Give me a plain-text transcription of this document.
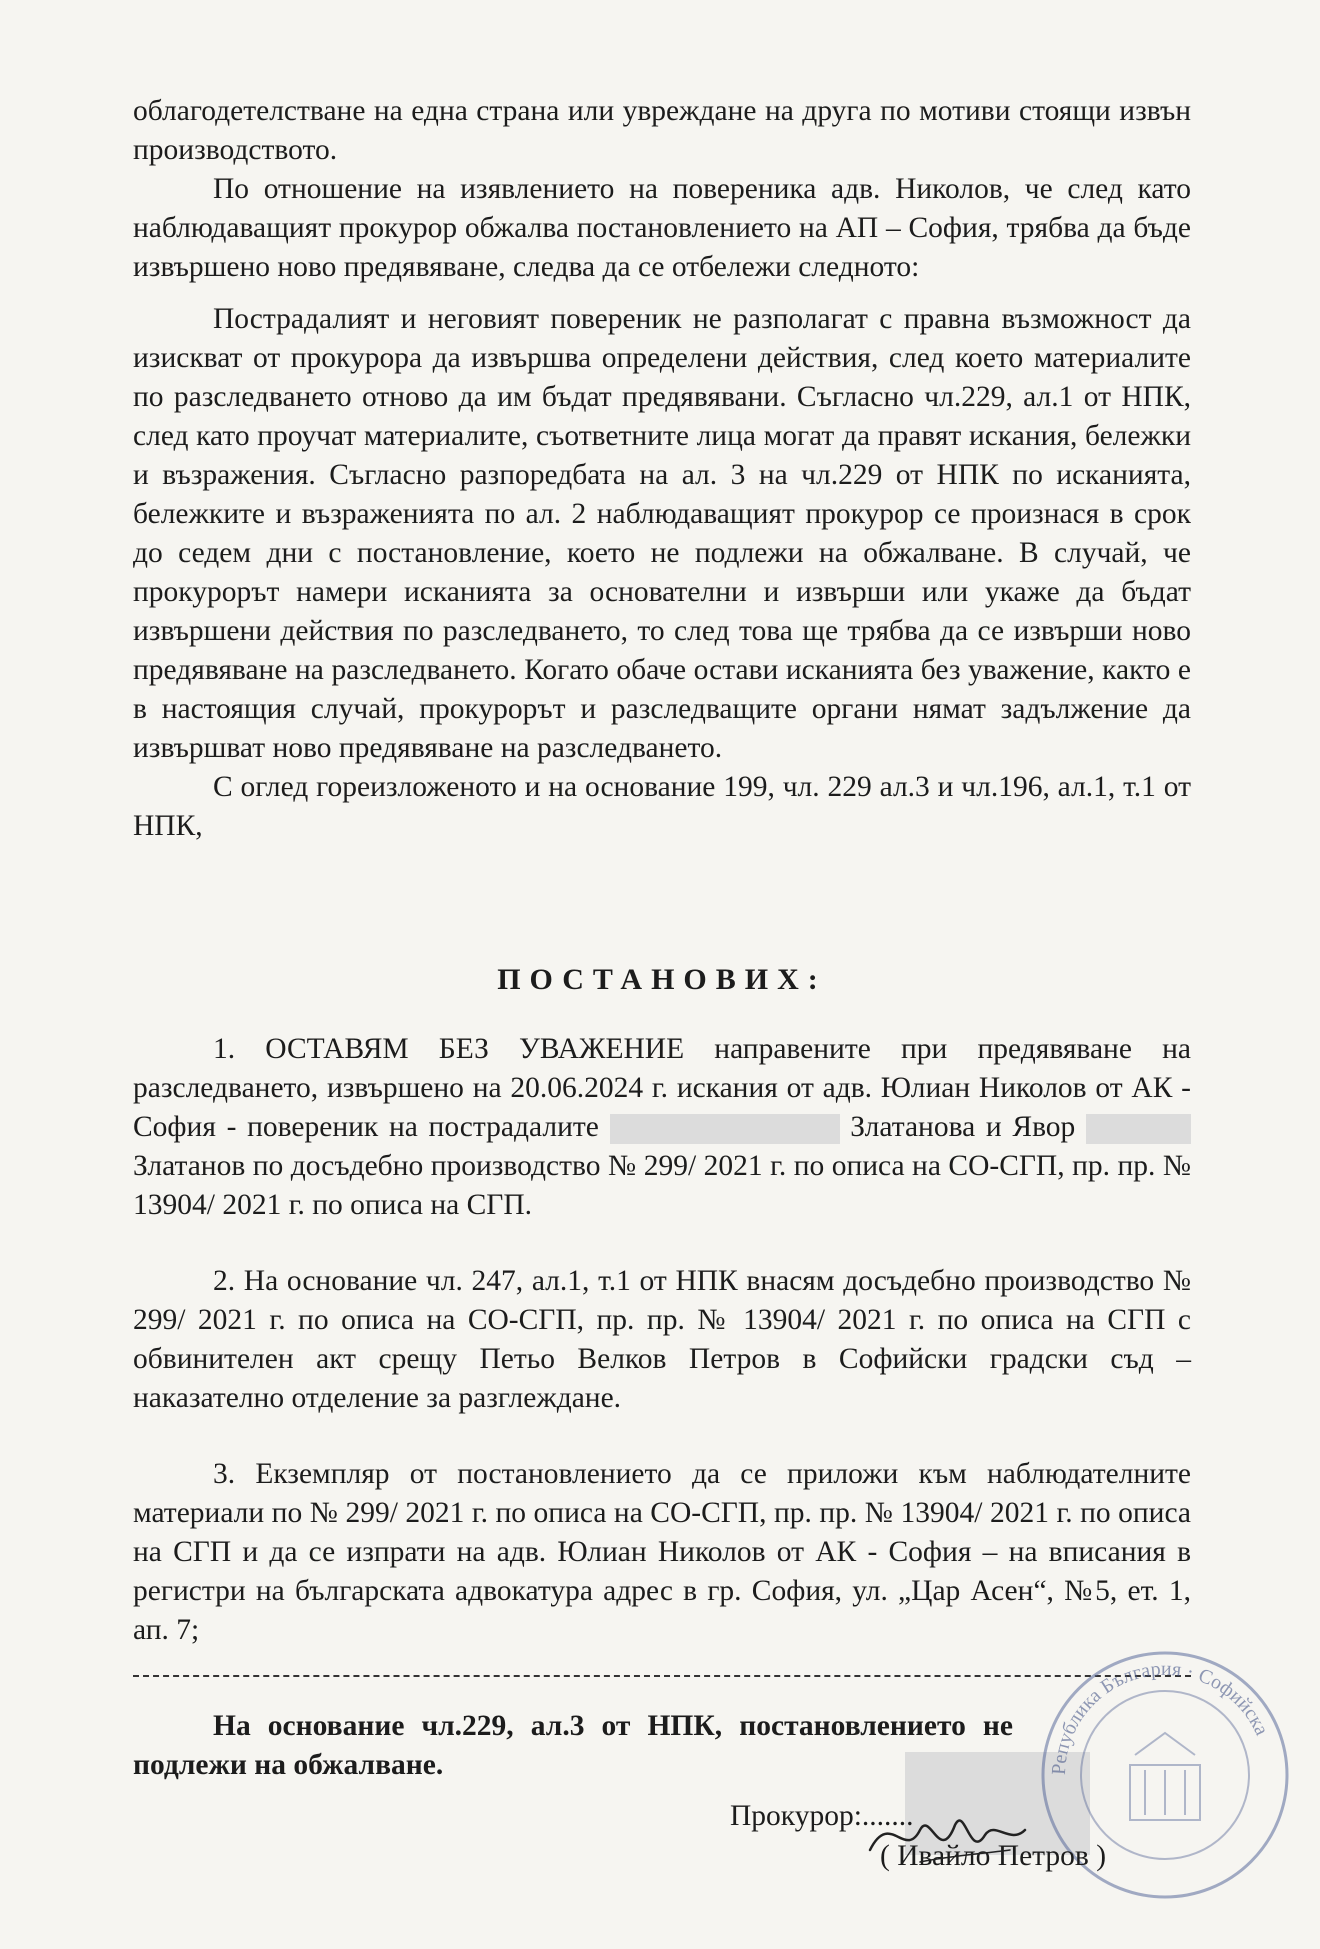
облагодетелстване на една страна или увреждане на друга по мотиви стоящи извън производството.

По отношение на изявлението на повереника адв. Николов, че след като наблюдаващият прокурор обжалва постановлението на АП – София, трябва да бъде извършено ново предявяване, следва да се отбележи следното:

Пострадалият и неговият повереник не разполагат с правна възможност да изискват от прокурора да извършва определени действия, след което материалите по разследването отново да им бъдат предявявани. Съгласно чл.229, ал.1 от НПК, след като проучат материалите, съответните лица могат да правят искания, бележки и възражения. Съгласно разпоредбата на ал. 3 на чл.229 от НПК по исканията, бележките и възраженията по ал. 2 наблюдаващият прокурор се произнася в срок до седем дни с постановление, което не подлежи на обжалване. В случай, че прокурорът намери исканията за основателни и извърши или укаже да бъдат извършени действия по разследването, то след това ще трябва да се извърши ново предявяване на разследването. Когато обаче остави исканията без уважение, както е в настоящия случай, прокурорът и разследващите органи нямат задължение да извършват ново предявяване на разследването.

С оглед гореизложеното и на основание 199, чл. 229 ал.3 и чл.196, ал.1, т.1 от НПК,

ПОСТАНОВИХ:

1. ОСТАВЯМ БЕЗ УВАЖЕНИЕ направените при предявяване на разследването, извършено на 20.06.2024 г. искания от адв. Юлиан Николов от АК - София - повереник на пострадалите	Златанова и Явор  Златанов по досъдебно производство № 299/ 2021 г. по описа на СО-СГП, пр. пр. № 13904/ 2021 г. по описа на СГП.

2. На основание чл. 247, ал.1, т.1 от НПК внасям досъдебно производство № 299/ 2021 г. по описа на СО-СГП, пр. пр. № 13904/ 2021 г. по описа на СГП с обвинителен акт срещу Петьо Велков Петров в Софийски градски съд – наказателно отделение за разглеждане.

3. Екземпляр от постановлението да се приложи към наблюдателните материали по № 299/ 2021 г. по описа на СО-СГП, пр. пр. № 13904/ 2021 г. по описа на СГП и да се изпрати на адв. Юлиан Николов от АК - София – на вписания в регистри на българската адвокатура адрес в гр. София, ул. „Цар Асен“, №5, ет. 1, ап. 7;

На основание чл.229, ал.3 от НПК, постановлението не подлежи на обжалване.	Република България · Софийска
Прокурор:.......
( Ивайло Петров )
